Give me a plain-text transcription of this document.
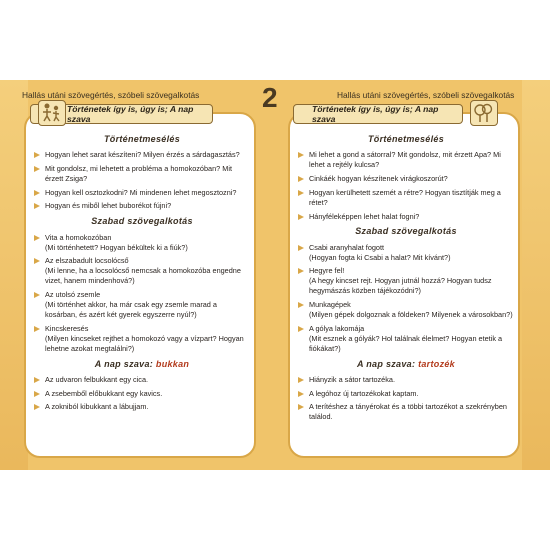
Hallás utáni szövegértés, szóbeli szövegalkotás	Hallás utáni szövegértés, szóbeli szövegalkotás
2
Történetek így is, úgy is; A nap szava
Történetmesélés
Hogyan lehet sarat készíteni? Milyen érzés a sárdagasztás?
Mit gondolsz, mi lehetett a probléma a homokozóban? Mit érzett Zsiga?
Hogyan kell osztozkodni? Mi mindenen lehet megosztozni?
Hogyan és miből lehet buborékot fújni?
Szabad szövegalkotás
Vita a homokozóban
(Mi történhetett? Hogyan békültek ki a fiúk?)
Az elszabadult locsolócső
(Mi lenne, ha a locsolócső nemcsak a homokozóba engedne vizet, hanem mindenhová?)
Az utolsó zsemle
(Mi történhet akkor, ha már csak egy zsemle marad a kosárban, és azért két gyerek egyszerre nyúl?)
Kincskeresés
(Milyen kincseket rejthet a homokozó vagy a vízpart? Hogyan lehetne azokat megtalálni?)
A nap szava: bukkan
Az udvaron felbukkant egy cica.
A zsebemből előbukkant egy kavics.
A zokniból kibukkant a lábujjam.
Történetek így is, úgy is; A nap szava
Történetmesélés
Mi lehet a gond a sátorral? Mit gondolsz, mit érzett Apa? Mi lehet a rejtély kulcsa?
Cinkáék hogyan készítenek virágkoszorút?
Hogyan kerülhetett szemét a rétre? Hogyan tisztítják meg a rétet?
Hányféleképpen lehet halat fogni?
Szabad szövegalkotás
Csabi aranyhalat fogott
(Hogyan fogta ki Csabi a halat? Mit kívánt?)
Hegyre fel!
(A hegy kincset rejt. Hogyan jutnál hozzá? Hogyan tudsz hegymászás közben tájékozódni?)
Munkagépek
(Milyen gépek dolgoznak a földeken? Milyenek a városokban?)
A gólya lakomája
(Mit esznek a gólyák? Hol találnak élelmet? Hogyan etetik a fiókákat?)
A nap szava: tartozék
Hiányzik a sátor tartozéka.
A legóhoz új tartozékokat kaptam.
A terítéshez a tányérokat és a többi tartozékot a szekrényben találod.
